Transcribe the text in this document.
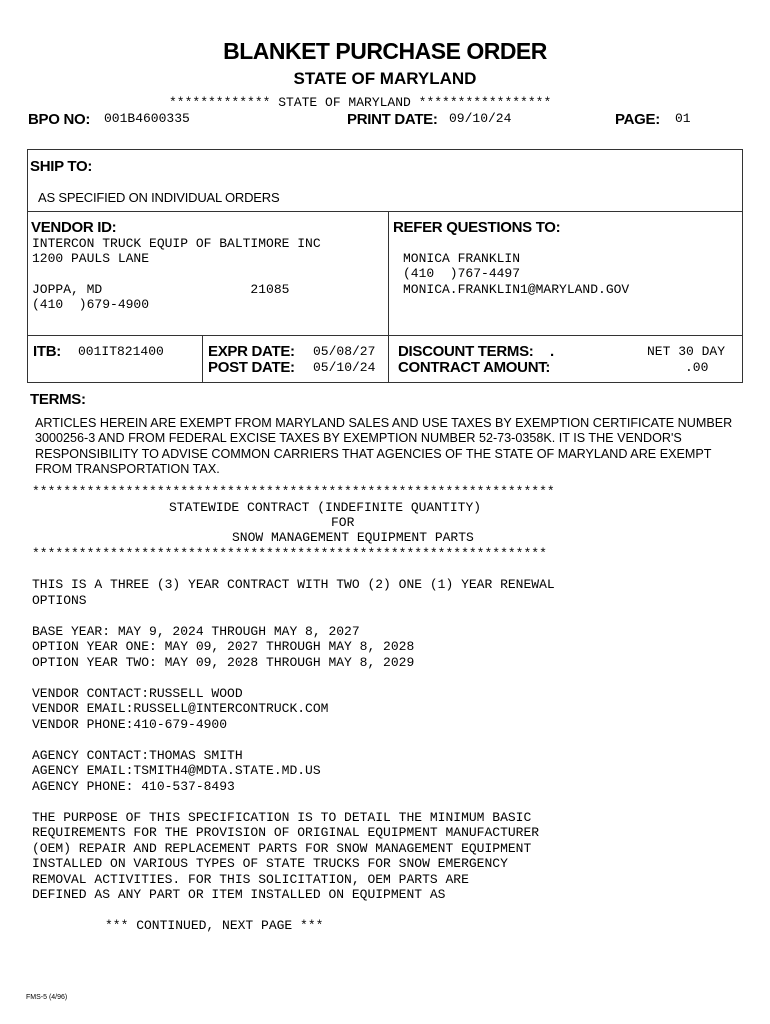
BLANKET PURCHASE ORDER
STATE OF MARYLAND
************* STATE OF MARYLAND *****************
BPO NO: 001B4600335	PRINT DATE: 09/10/24	PAGE: 01
SHIP TO:
AS SPECIFIED ON INDIVIDUAL ORDERS
VENDOR ID:
INTERCON TRUCK EQUIP OF BALTIMORE INC
1200 PAULS LANE
JOPPA, MD                   21085
(410  )679-4900
REFER QUESTIONS TO:
MONICA FRANKLIN
(410  )767-4497
MONICA.FRANKLIN1@MARYLAND.GOV
ITB: 001IT821400	EXPR DATE: 05/08/27
POST DATE: 05/10/24
DISCOUNT TERMS: .	NET 30 DAY
CONTRACT AMOUNT:	.00
TERMS:
ARTICLES HEREIN ARE EXEMPT FROM MARYLAND SALES AND USE TAXES BY EXEMPTION CERTIFICATE NUMBER 3000256-3 AND FROM FEDERAL EXCISE TAXES BY EXEMPTION NUMBER 52-73-0358K. IT IS THE VENDOR'S RESPONSIBILITY TO ADVISE COMMON CARRIERS THAT AGENCIES OF THE STATE OF MARYLAND ARE EXEMPT FROM TRANSPORTATION TAX.
*******************************************************************
STATEWIDE CONTRACT (INDEFINITE QUANTITY)
FOR
SNOW MANAGEMENT EQUIPMENT PARTS
******************************************************************
THIS IS A THREE (3) YEAR CONTRACT WITH TWO (2) ONE (1) YEAR RENEWAL
OPTIONS
BASE YEAR: MAY 9, 2024 THROUGH MAY 8, 2027
OPTION YEAR ONE: MAY 09, 2027 THROUGH MAY 8, 2028
OPTION YEAR TWO: MAY 09, 2028 THROUGH MAY 8, 2029
VENDOR CONTACT:RUSSELL WOOD
VENDOR EMAIL:RUSSELL@INTERCONTRUCK.COM
VENDOR PHONE:410-679-4900
AGENCY CONTACT:THOMAS SMITH
AGENCY EMAIL:TSMITH4@MDTA.STATE.MD.US
AGENCY PHONE: 410-537-8493
THE PURPOSE OF THIS SPECIFICATION IS TO DETAIL THE MINIMUM BASIC
REQUIREMENTS FOR THE PROVISION OF ORIGINAL EQUIPMENT MANUFACTURER
(OEM) REPAIR AND REPLACEMENT PARTS FOR SNOW MANAGEMENT EQUIPMENT
INSTALLED ON VARIOUS TYPES OF STATE TRUCKS FOR SNOW EMERGENCY
REMOVAL ACTIVITIES. FOR THIS SOLICITATION, OEM PARTS ARE
DEFINED AS ANY PART OR ITEM INSTALLED ON EQUIPMENT AS
*** CONTINUED, NEXT PAGE ***
FMS-5 (4/96)
